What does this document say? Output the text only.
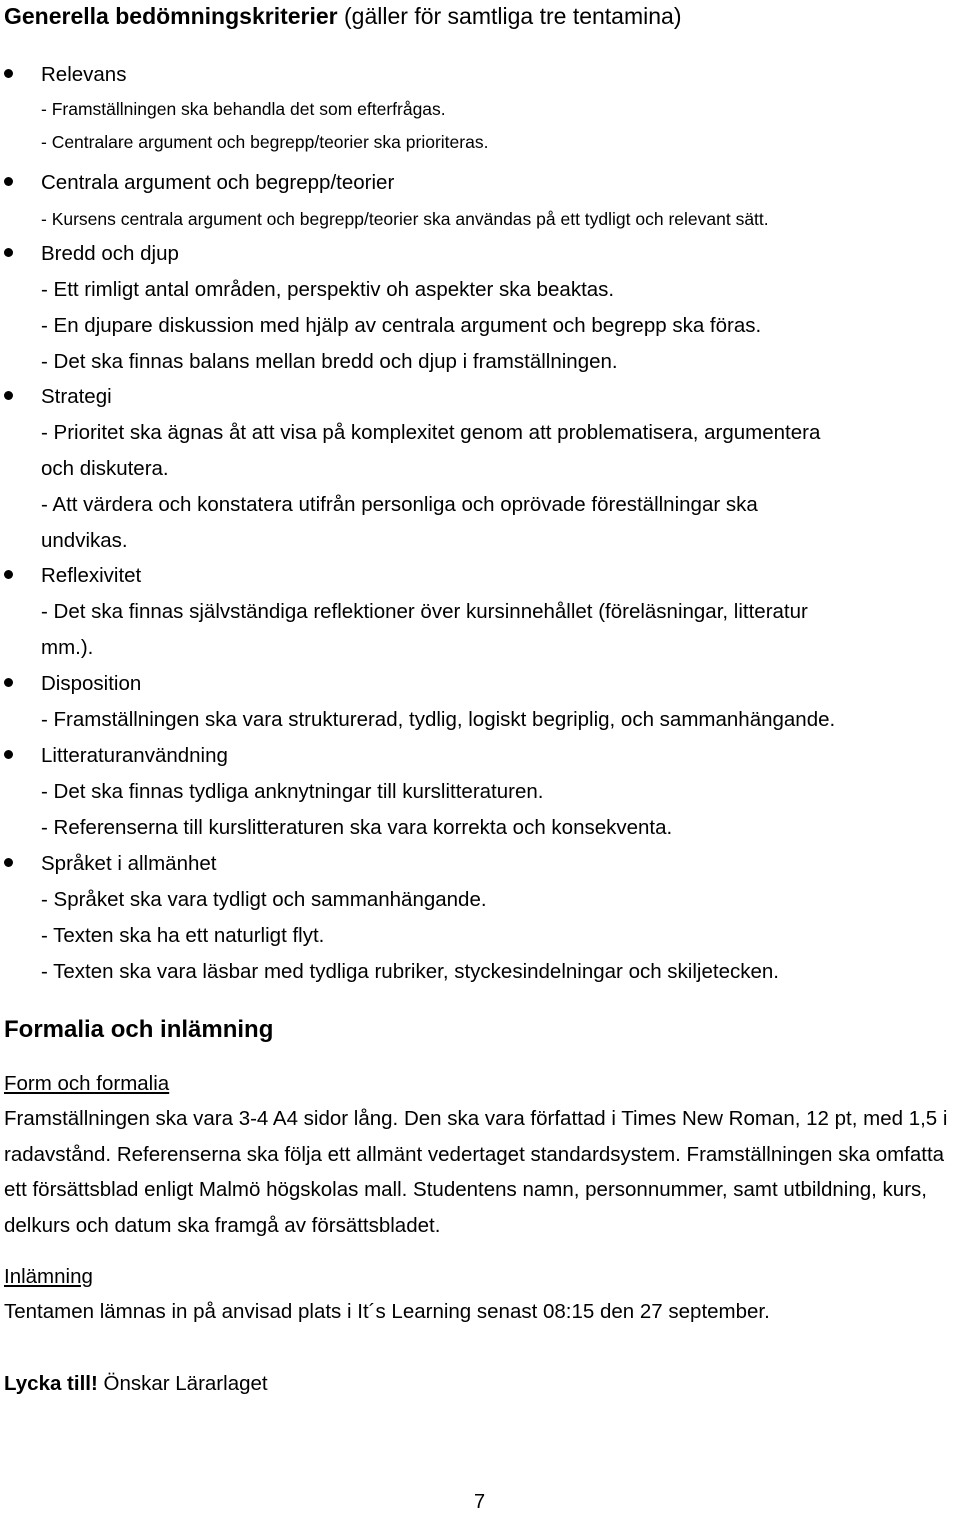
Generella bedömningskriterier (gäller för samtliga tre tentamina)
Relevans
- Framställningen ska behandla det som efterfrågas.
- Centralare argument och begrepp/teorier ska prioriteras.
Centrala argument och begrepp/teorier
- Kursens centrala argument och begrepp/teorier ska användas på ett tydligt och relevant sätt.
Bredd och djup
- Ett rimligt antal områden, perspektiv oh aspekter ska beaktas.
- En djupare diskussion med hjälp av centrala argument och begrepp ska föras.
- Det ska finnas balans mellan bredd och djup i framställningen.
Strategi
- Prioritet ska ägnas åt att visa på komplexitet genom att problematisera, argumentera
och diskutera.
- Att värdera och konstatera utifrån personliga och oprövade föreställningar ska
undvikas.
Reflexivitet
- Det ska finnas självständiga reflektioner över kursinnehållet (föreläsningar, litteratur
mm.).
Disposition
- Framställningen ska vara strukturerad, tydlig, logiskt begriplig, och sammanhängande.
Litteraturanvändning
- Det ska finnas tydliga anknytningar till kurslitteraturen.
- Referenserna till kurslitteraturen ska vara korrekta och konsekventa.
Språket i allmänhet
- Språket ska vara tydligt och sammanhängande.
- Texten ska ha ett naturligt flyt.
- Texten ska vara läsbar med tydliga rubriker, styckesindelningar och skiljetecken.
Formalia och inlämning
Form och formalia
Framställningen ska vara 3-4 A4 sidor lång. Den ska vara författad i Times New Roman, 12 pt, med 1,5 i radavstånd. Referenserna ska följa ett allmänt vedertaget standardsystem. Framställningen ska omfatta ett försättsblad enligt Malmö högskolas mall. Studentens namn, personnummer, samt utbildning, kurs, delkurs och datum ska framgå av försättsbladet.
Inlämning
Tentamen lämnas in på anvisad plats i It´s Learning senast 08:15 den 27 september.
Lycka till! Önskar Lärarlaget
7
